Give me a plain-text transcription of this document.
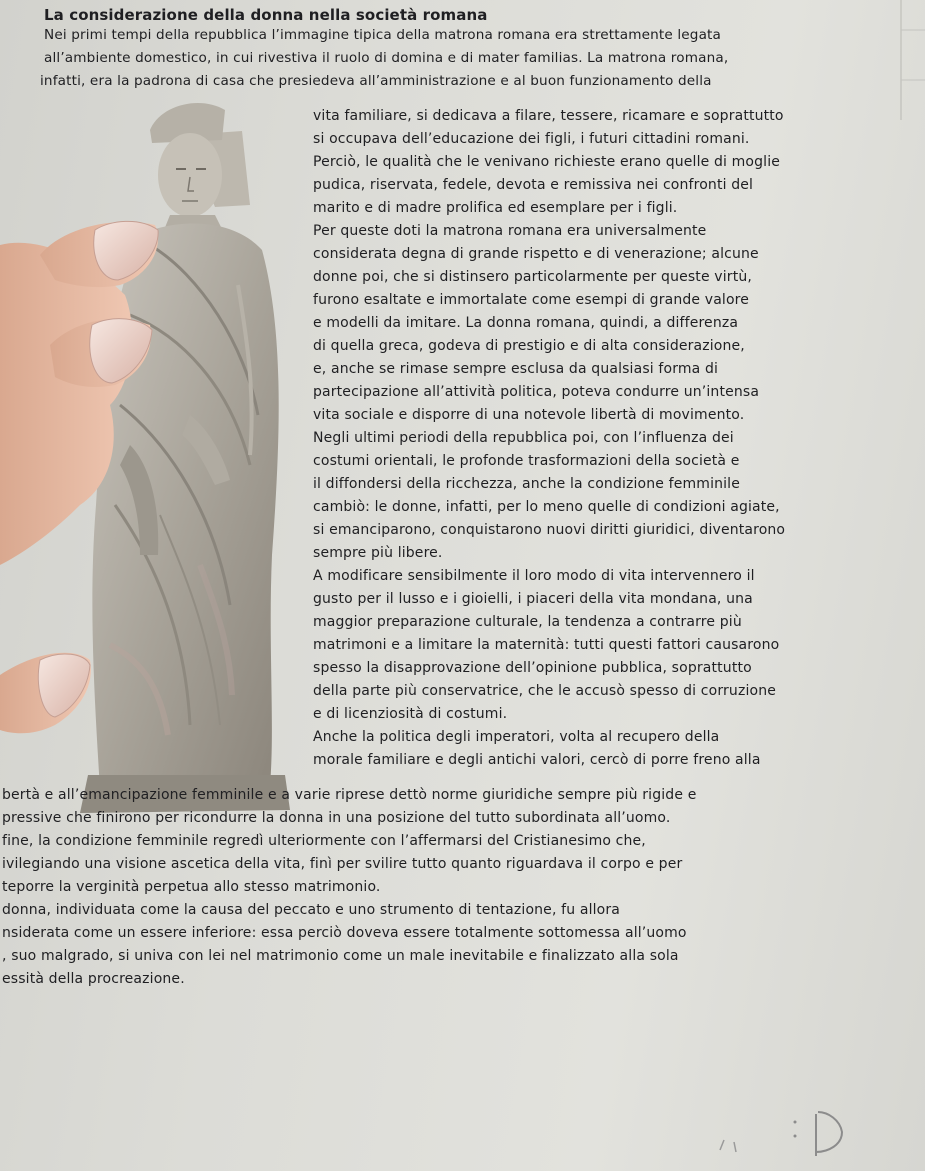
La considerazione della donna nella società romana
Nei primi tempi della repubblica l’immagine tipica della matrona romana era strettamente legata
all’ambiente domestico, in cui rivestiva il ruolo di domina e di mater familias. La matrona romana,
infatti, era la padrona di casa che presiedeva all’amministrazione e al buon funzionamento della
vita familiare, si dedicava a filare, tessere, ricamare e soprattutto
si occupava dell’educazione dei figli, i futuri cittadini romani.
Perciò, le qualità che le venivano richieste erano quelle di moglie
pudica, riservata, fedele, devota e remissiva nei confronti del
marito e di madre prolifica ed esemplare per i figli.
Per queste doti la matrona romana era universalmente
considerata degna di grande rispetto e di venerazione; alcune
donne poi, che si distinsero particolarmente per queste virtù,
furono esaltate e immortalate come esempi di grande valore
e modelli da imitare. La donna romana, quindi, a differenza
di quella greca, godeva di prestigio e di alta considerazione,
e, anche se rimase sempre esclusa da qualsiasi forma di
partecipazione all’attività politica, poteva condurre un’intensa
vita sociale e disporre di una notevole libertà di movimento.
Negli ultimi periodi della repubblica poi, con l’influenza dei
costumi orientali, le profonde trasformazioni della società e
il diffondersi della ricchezza, anche la condizione femminile
cambiò: le donne, infatti, per lo meno quelle di condizioni agiate,
si emanciparono, conquistarono nuovi diritti giuridici, diventarono
sempre più libere.
A modificare sensibilmente il loro modo di vita intervennero il
gusto per il lusso e i gioielli, i piaceri della vita mondana, una
maggior preparazione culturale, la tendenza a contrarre più
matrimoni e a limitare la maternità: tutti questi fattori causarono
spesso la disapprovazione dell’opinione pubblica, soprattutto
della parte più conservatrice, che le accusò spesso di corruzione
e di licenziosità di costumi.
Anche la politica degli imperatori, volta al recupero della
morale familiare e degli antichi valori, cercò di porre freno alla
bertà e all’emancipazione femminile e a varie riprese dettò norme giuridiche sempre più rigide e
pressive che finirono per ricondurre la donna in una posizione del tutto subordinata all’uomo.
fine, la condizione femminile regredì ulteriormente con l’affermarsi del Cristianesimo che,
ivilegiando una visione ascetica della vita, finì per svilire tutto quanto riguardava il corpo e per
teporre la verginità perpetua allo stesso matrimonio.
donna, individuata come la causa del peccato e uno strumento di tentazione, fu allora
nsiderata come un essere inferiore: essa perciò doveva essere totalmente sottomessa all’uomo
, suo malgrado, si univa con lei nel matrimonio come un male inevitabile e finalizzato alla sola
essità della procreazione.
